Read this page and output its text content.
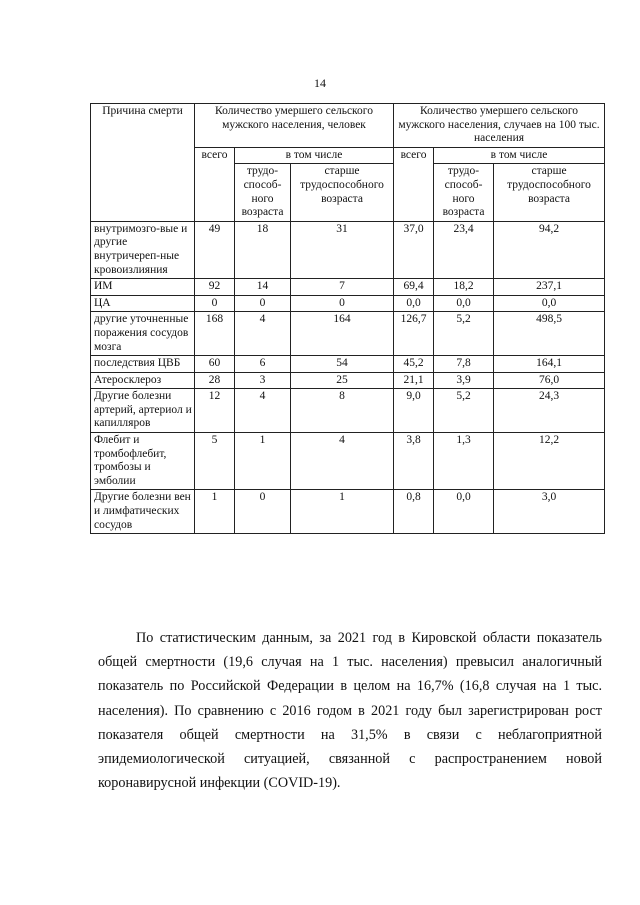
14
Причина смерти	Количество умершего сельского мужского населения, человек			Количество умершего сельского мужского населения, случаев на 100 тыс. населения		
	всего	в том числе		всего	в том числе	
		трудо-способ-ного возраста	старше трудоспособного возраста		трудо-способ-ного возраста	старше трудоспособного возраста
внутримозго-вые и другие внутричереп-ные кровоизлияния	49	18	31	37,0	23,4	94,2
ИМ	92	14	7	69,4	18,2	237,1
ЦА	0	0	0	0,0	0,0	0,0
другие уточненные поражения сосудов мозга	168	4	164	126,7	5,2	498,5
последствия ЦВБ	60	6	54	45,2	7,8	164,1
Атеросклероз	28	3	25	21,1	3,9	76,0
Другие болезни артерий, артериол и капилляров	12	4	8	9,0	5,2	24,3
Флебит и тромбофлебит, тромбозы и эмболии	5	1	4	3,8	1,3	12,2
Другие болезни вен и лимфатических сосудов	1	0	1	0,8	0,0	3,0

По статистическим данным, за 2021 год в Кировской области показатель общей смертности (19,6 случая на 1 тыс. населения) превысил аналогичный показатель по Российской Федерации в целом на 16,7% (16,8 случая на 1 тыс. населения). По сравнению с 2016 годом в 2021 году был зарегистрирован рост показателя общей смертности на 31,5% в связи с неблагоприятной эпидемиологической ситуацией, связанной с распространением новой коронавирусной инфекции (COVID-19).
